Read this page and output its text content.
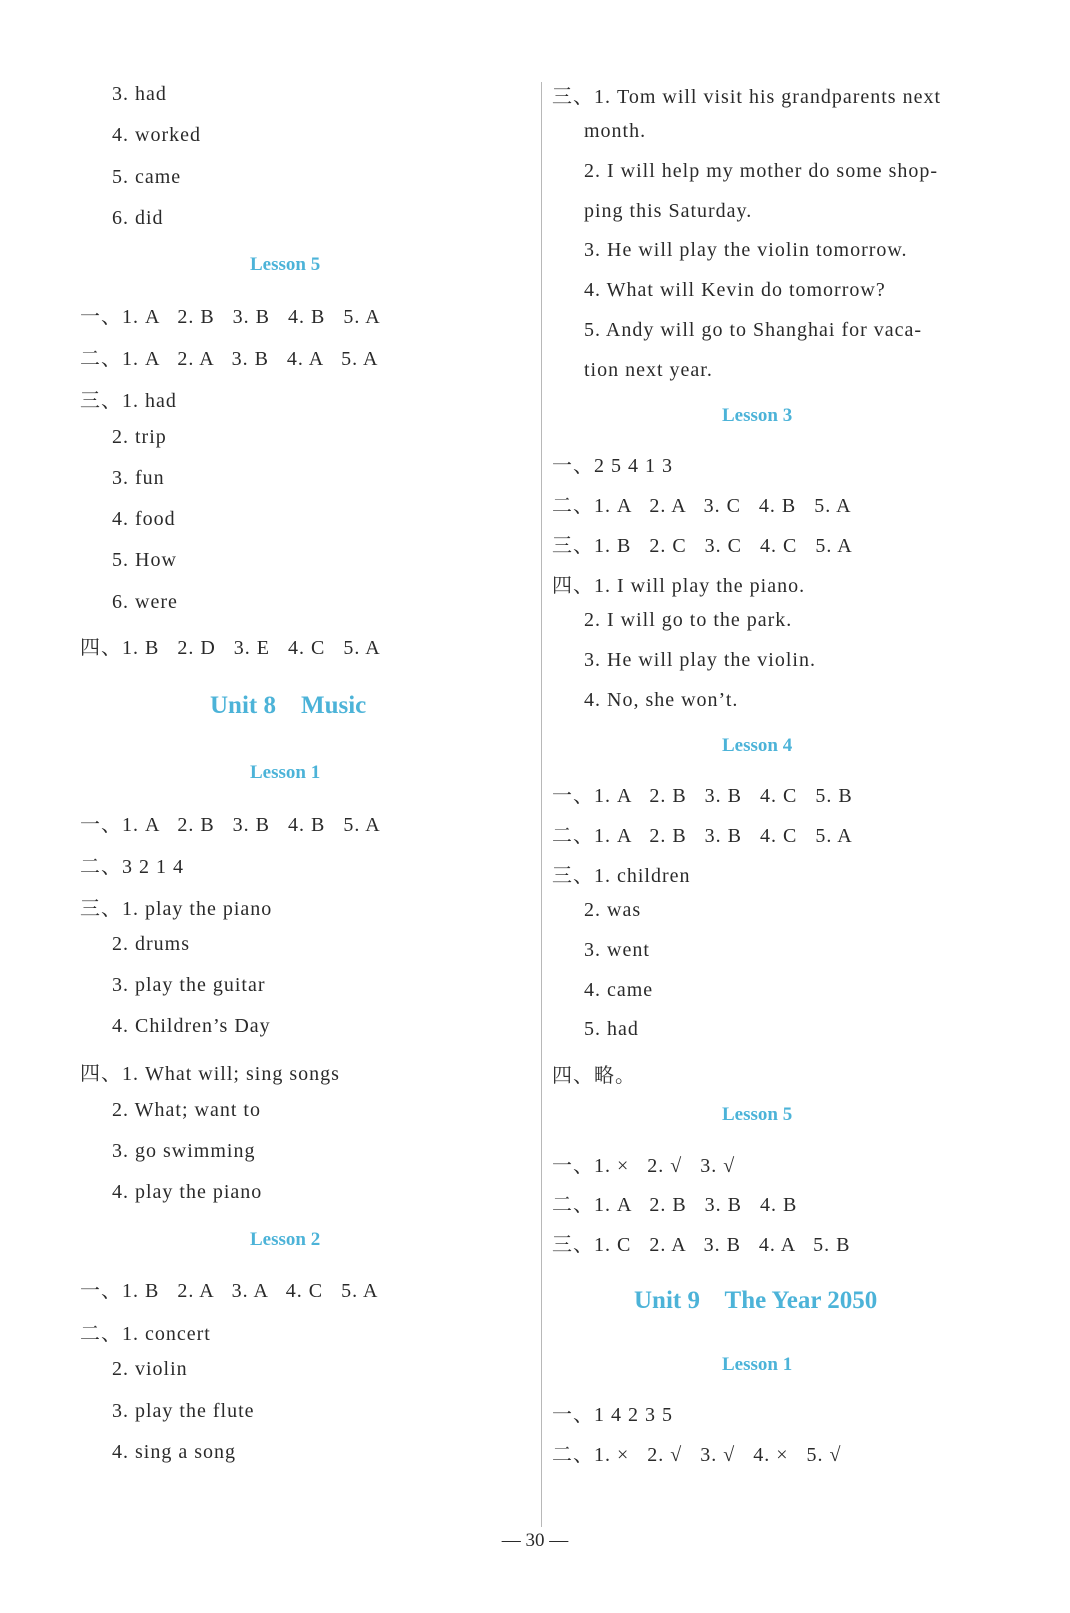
3. had
4. worked
5. came
6. did
Lesson 5
一、1. A   2. B   3. B   4. B   5. A
二、1. A   2. A   3. B   4. A   5. A
三、1. had
2. trip
3. fun
4. food
5. How
6. were
四、1. B   2. D   3. E   4. C   5. A
Unit 8    Music
Lesson 1
一、1. A   2. B   3. B   4. B   5. A
二、3 2 1 4
三、1. play the piano
2. drums
3. play the guitar
4. Children’s Day
四、1. What will; sing songs
2. What; want to
3. go swimming
4. play the piano
Lesson 2
一、1. B   2. A   3. A   4. C   5. A
二、1. concert
2. violin
3. play the flute
4. sing a song
三、1. Tom will visit his grandparents next
month.
2. I will help my mother do some shop-
ping this Saturday.
3. He will play the violin tomorrow.
4. What will Kevin do tomorrow?
5. Andy will go to Shanghai for vaca-
tion next year.
Lesson 3
一、2 5 4 1 3
二、1. A   2. A   3. C   4. B   5. A
三、1. B   2. C   3. C   4. C   5. A
四、1. I will play the piano.
2. I will go to the park.
3. He will play the violin.
4. No, she won’t.
Lesson 4
一、1. A   2. B   3. B   4. C   5. B
二、1. A   2. B   3. B   4. C   5. A
三、1. children
2. was
3. went
4. came
5. had
四、略。
Lesson 5
一、1. ×   2. √   3. √
二、1. A   2. B   3. B   4. B
三、1. C   2. A   3. B   4. A   5. B
Unit 9    The Year 2050
Lesson 1
一、1 4 2 3 5
二、1. ×   2. √   3. √   4. ×   5. √
— 30 —
